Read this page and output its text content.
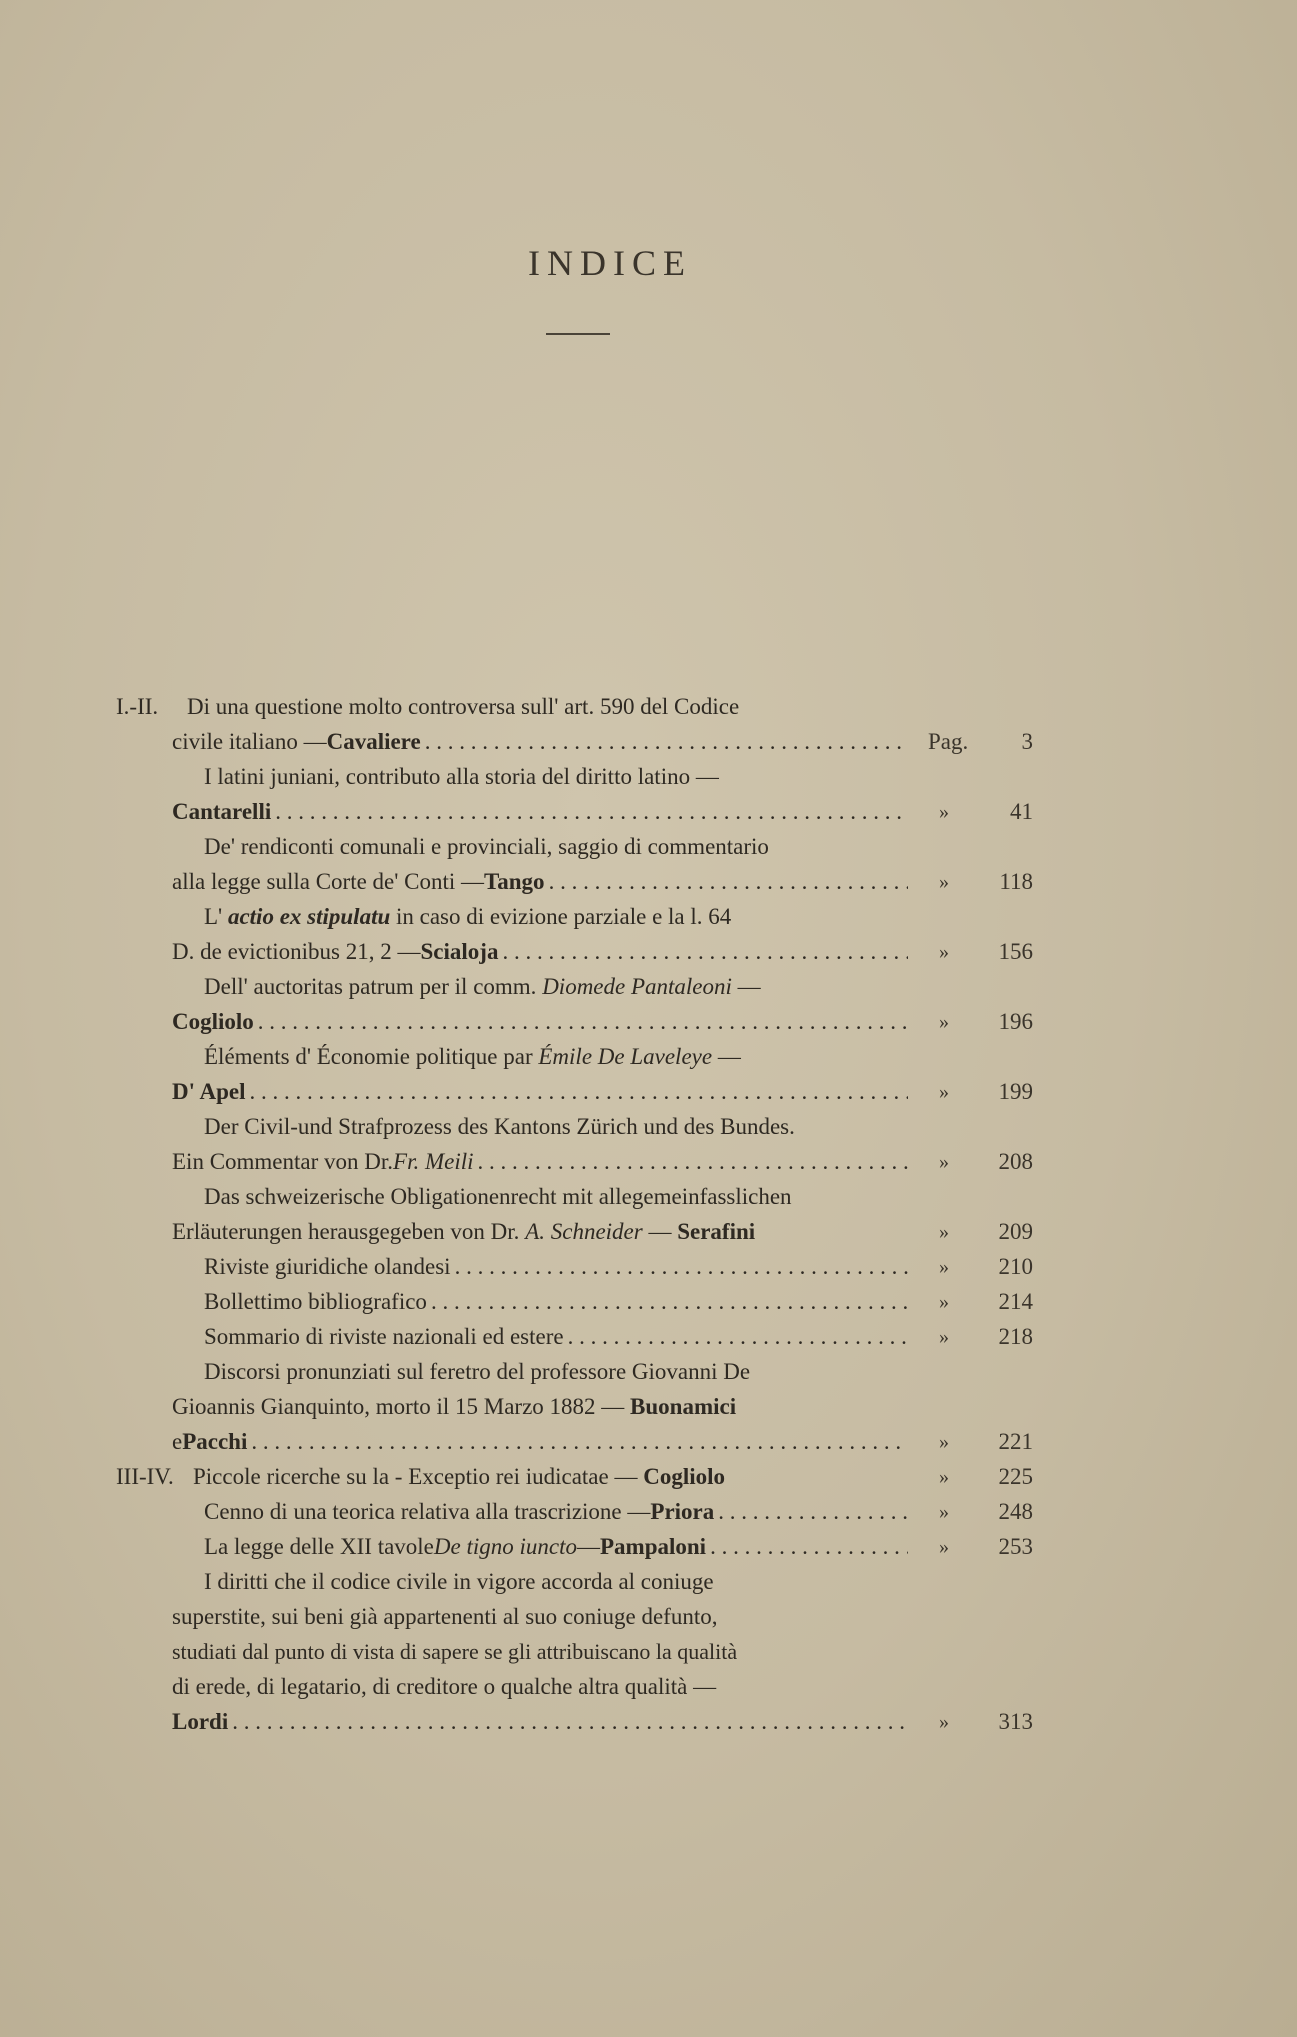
INDICE
I.-II. Di una questione molto controversa sull' art. 590 del Codice
civile italiano — Cavaliere . . .	Pag.	3
I latini juniani, contributo alla storia del diritto latino —
Cantarelli . . .	»	41
De' rendiconti comunali e provinciali, saggio di commentario
alla legge sulla Corte de' Conti — Tango . . .	»	118
L' actio ex stipulatu in caso di evizione parziale e la l. 64
D. de evictionibus 21, 2 — Scialoja . . .	»	156
Dell' auctoritas patrum per il comm. Diomede Pantaleoni —
Cogliolo . . .	»	196
Éléments d' Économie politique par Émile De Laveleye —
D' Apel . . .	»	199
Der Civil-und Strafprozess des Kantons Zürich und des Bundes.
Ein Commentar von Dr. Fr. Meili . . .	»	208
Das schweizerische Obligationenrecht mit allegemeinfasslichen
Erläuterungen herausgegeben von Dr. A. Schneider — Serafini	»	209
Riviste giuridiche olandesi . . .	»	210
Bollettimo bibliografico . . .	»	214
Sommario di riviste nazionali ed estere . . .	»	218
Discorsi pronunziati sul feretro del professore Giovanni De
Gioannis Gianquinto, morto il 15 Marzo 1882 — Buonamici
e Pacchi . . .	»	221
III-IV. Piccole ricerche su la - Exceptio rei iudicatae — Cogliolo	»	225
Cenno di una teorica relativa alla trascrizione — Priora . . .	»	248
La legge delle XII tavole De tigno iuncto — Pampaloni . . .	»	253
I diritti che il codice civile in vigore accorda al coniuge
superstite, sui beni già appartenenti al suo coniuge defunto,
studiati dal punto di vista di sapere se gli attribuiscano la qualità
di erede, di legatario, di creditore o qualche altra qualità —
Lordi . . .	»	313
